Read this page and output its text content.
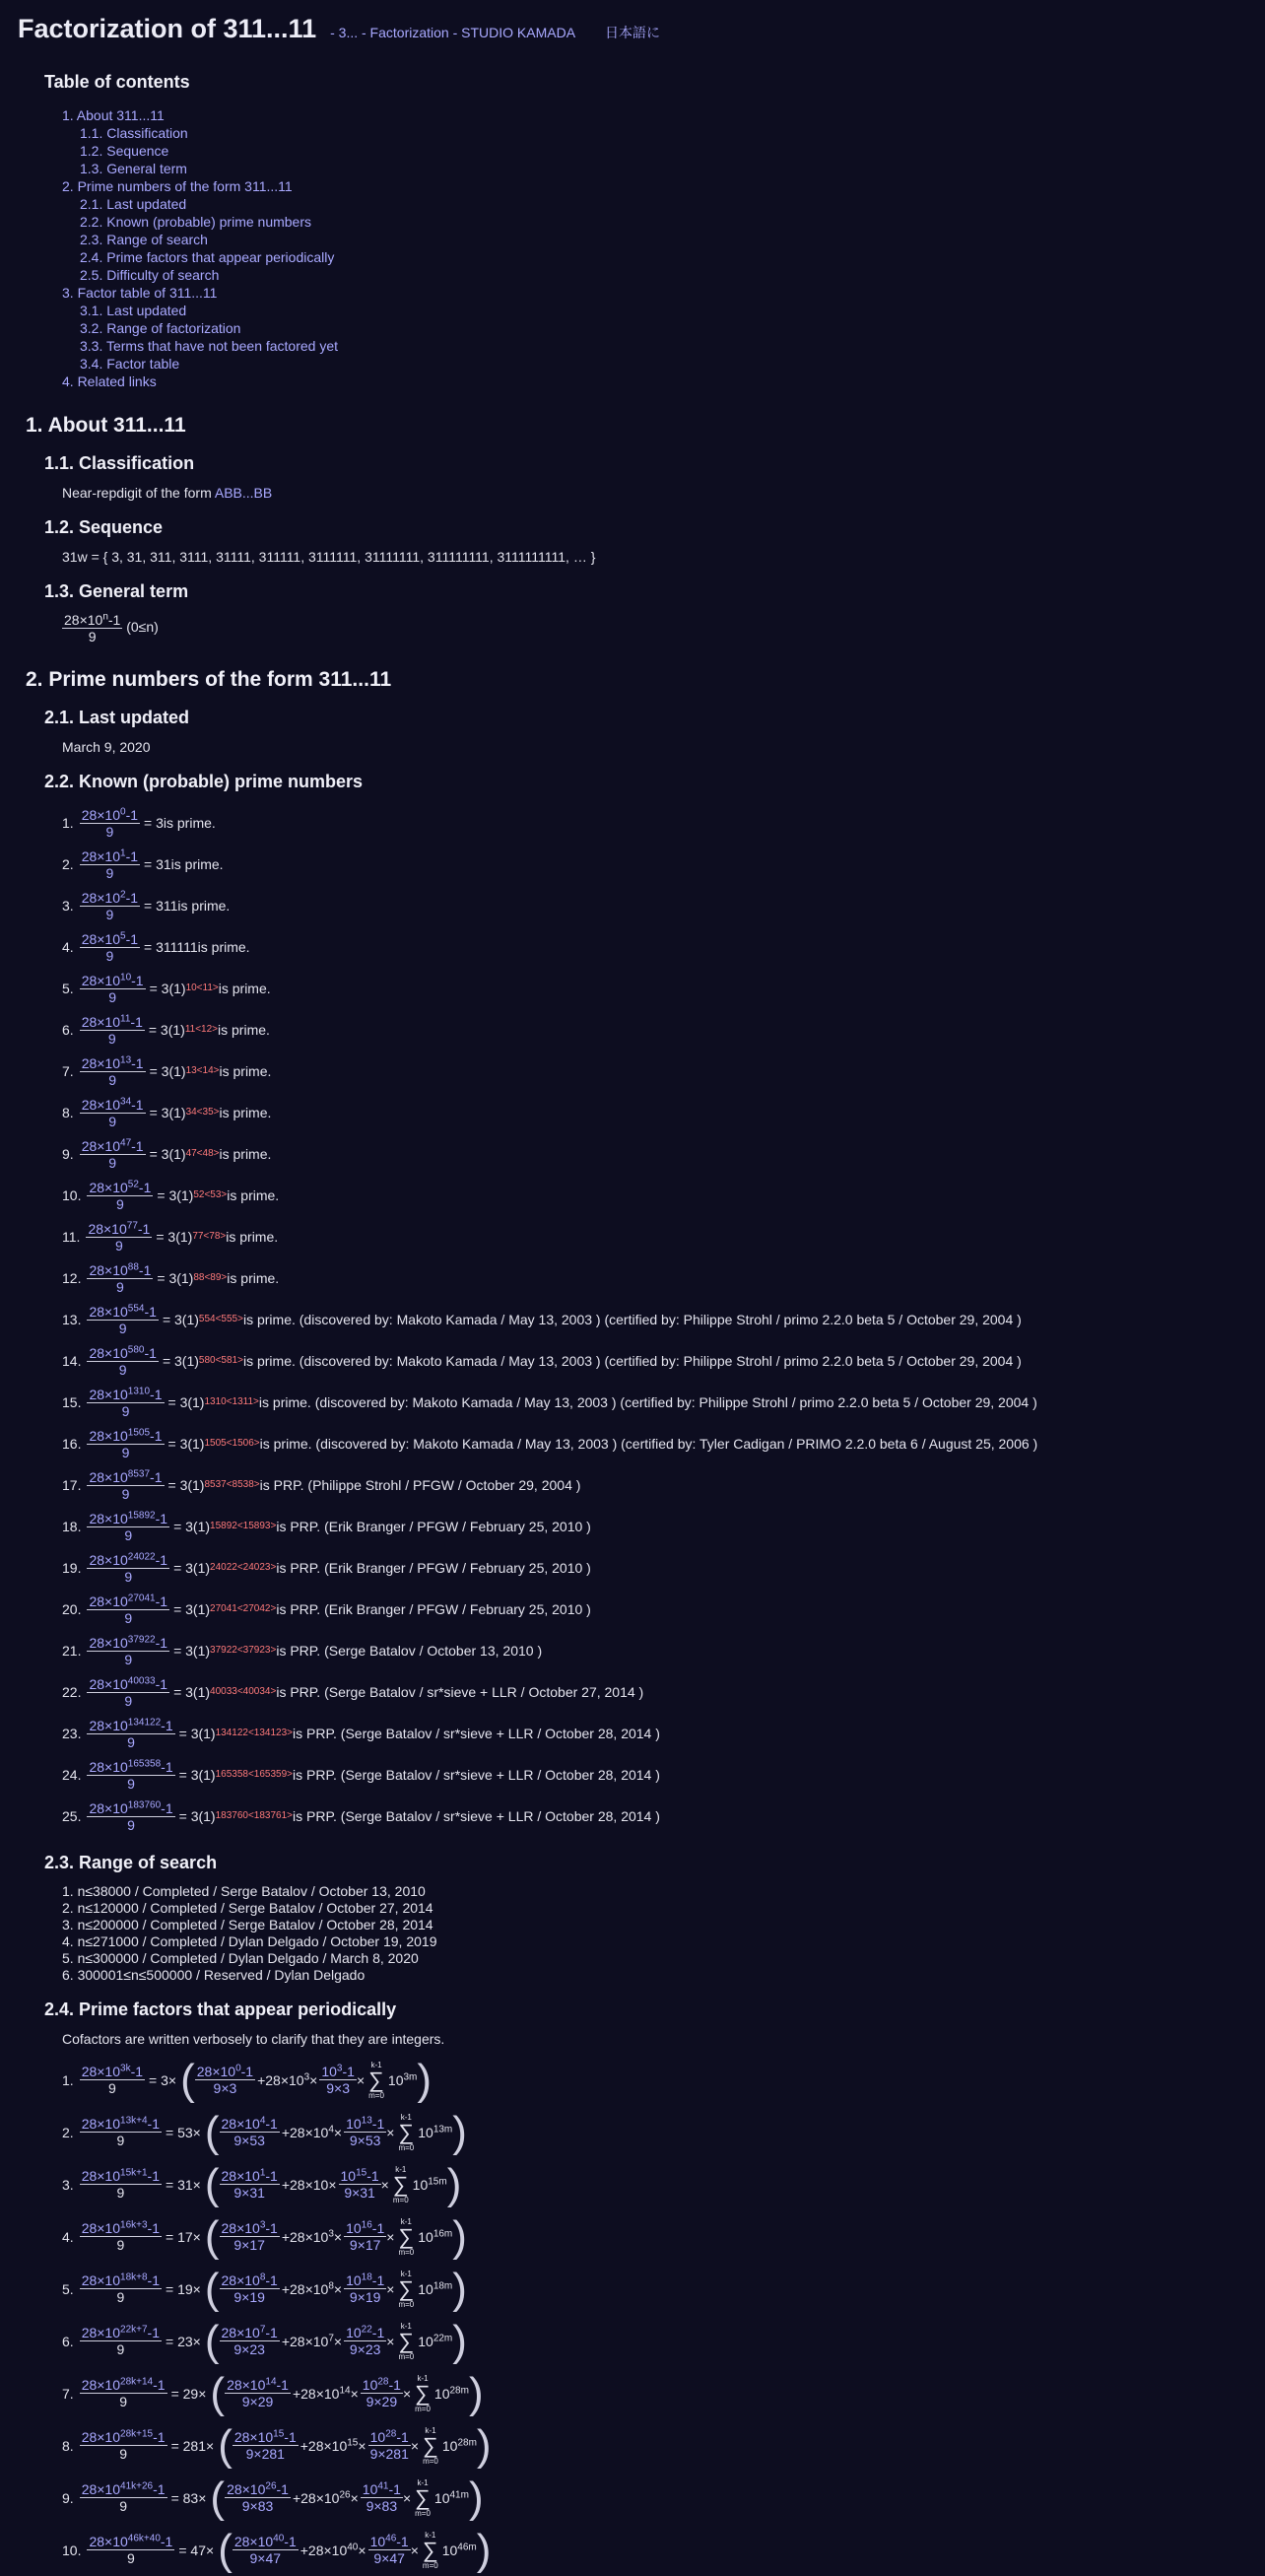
Factorization of 311...11 - 3... - Factorization - STUDIO KAMADA 日本語に
Table of contents
1. About 311...11
1.1. Classification
1.2. Sequence
1.3. General term
2. Prime numbers of the form 311...11
2.1. Last updated
2.2. Known (probable) prime numbers
2.3. Range of search
2.4. Prime factors that appear periodically
2.5. Difficulty of search
3. Factor table of 311...11
3.1. Last updated
3.2. Range of factorization
3.3. Terms that have not been factored yet
3.4. Factor table
4. Related links
1. About 311...11
1.1. Classification
Near-repdigit of the form ABB...BB
1.2. Sequence
31w = { 3, 31, 311, 3111, 31111, 311111, 3111111, 31111111, 311111111, 3111111111, … }
1.3. General term
$\frac{28\times 10^n-1}{9} (0\le n)$
2. Prime numbers of the form 311...11
2.1. Last updated
March 9, 2020
2.2. Known (probable) prime numbers
1. $\frac{28\times 10^0-1}{9} = 3$ is prime.
2. $\frac{28\times 10^1-1}{9} = 31$ is prime.
3. $\frac{28\times 10^2-1}{9} = 311$ is prime.
4. $\frac{28\times 10^5-1}{9} = 311111$ is prime.
5. $\frac{28\times 10^{10}-1}{9} = 3(1)$ 10<11> is prime.
6. $\frac{28\times 10^{11}-1}{9} = 3(1)$ 11<12> is prime.
7. $\frac{28\times 10^{13}-1}{9} = 3(1)$ 13<14> is prime.
8. $\frac{28\times 10^{34}-1}{9} = 3(1)$ 34<35> is prime.
9. $\frac{28\times 10^{47}-1}{9} = 3(1)$ 47<48> is prime.
10. $\frac{28\times 10^{52}-1}{9} = 3(1)$ 52<53> is prime.
11. $\frac{28\times 10^{77}-1}{9} = 3(1)$ 77<78> is prime.
12. $\frac{28\times 10^{88}-1}{9} = 3(1)$ 88<89> is prime.
13. $\frac{28\times 10^{554}-1}{9} = 3(1)$ 554<555> is prime. (discovered by: Makoto Kamada / May 13, 2003 ) (certified by: Philippe Strohl / primo 2.2.0 beta 5 / October 29, 2004 )
14. $\frac{28\times 10^{580}-1}{9} = 3(1)$ 580<581> is prime. (discovered by: Makoto Kamada / May 13, 2003 ) (certified by: Philippe Strohl / primo 2.2.0 beta 5 / October 29, 2004 )
15. $\frac{28\times 10^{1310}-1}{9} = 3(1)$ 1310<1311> is prime. (discovered by: Makoto Kamada / May 13, 2003 ) (certified by: Philippe Strohl / primo 2.2.0 beta 5 / October 29, 2004 )
16. $\frac{28\times 10^{1505}-1}{9} = 3(1)$ 1505<1506> is prime. (discovered by: Makoto Kamada / May 13, 2003 ) (certified by: Tyler Cadigan / PRIMO 2.2.0 beta 6 / August 25, 2006 )
17. $\frac{28\times 10^{8537}-1}{9} = 3(1)$ 8537<8538> is PRP. (Philippe Strohl / PFGW / October 29, 2004 )
18. $\frac{28\times 10^{15892}-1}{9} = 3(1)$ 15892<15893> is PRP. (Erik Branger / PFGW / February 25, 2010 )
19. $\frac{28\times 10^{24022}-1}{9} = 3(1)$ 24022<24023> is PRP. (Erik Branger / PFGW / February 25, 2010 )
20. $\frac{28\times 10^{27041}-1}{9} = 3(1)$ 27041<27042> is PRP. (Erik Branger / PFGW / February 25, 2010 )
21. $\frac{28\times 10^{37922}-1}{9} = 3(1)$ 37922<37923> is PRP. (Serge Batalov / October 13, 2010 )
22. $\frac{28\times 10^{40033}-1}{9} = 3(1)$ 40033<40034> is PRP. (Serge Batalov / sr*sieve + LLR / October 27, 2014 )
23. $\frac{28\times 10^{134122}-1}{9} = 3(1)$ 134122<134123> is PRP. (Serge Batalov / sr*sieve + LLR / October 28, 2014 )
24. $\frac{28\times 10^{165358}-1}{9} = 3(1)$ 165358<165359> is PRP. (Serge Batalov / sr*sieve + LLR / October 28, 2014 )
25. $\frac{28\times 10^{183760}-1}{9} = 3(1)$ 183760<183761> is PRP. (Serge Batalov / sr*sieve + LLR / October 28, 2014 )
2.3. Range of search
1. n≤38000 / Completed / Serge Batalov / October 13, 2010
2. n≤120000 / Completed / Serge Batalov / October 27, 2014
3. n≤200000 / Completed / Serge Batalov / October 28, 2014
4. n≤271000 / Completed / Dylan Delgado / October 19, 2019
5. n≤300000 / Completed / Dylan Delgado / March 8, 2020
6. 300001≤n≤500000 / Reserved / Dylan Delgado
2.4. Prime factors that appear periodically
Cofactors are written verbosely to clarify that they are integers.
1. $\frac{28\times 10^{3k}-1}{9} = 3\times$ ( $\frac{28\times 10^0-1}{9\times 3} +28\times 10^3\times \frac{10^3-1}{9\times 3}$ ×
k-1
∑
m=0
$10^{3m}$ )
2. $\frac{28\times 10^{13k+4}-1}{9} = 53\times$ ( $\frac{28\times 10^4-1}{9\times 53} +28\times 10^4\times \frac{10^{13}-1}{9\times 53}$ ×
k-1
∑
m=0
$10^{13m}$ )
3. $\frac{28\times 10^{15k+1}-1}{9} = 31\times$ ( $\frac{28\times 10^1-1}{9\times 31} +28\times 10\times \frac{10^{15}-1}{9\times 31}$ ×
k-1
∑
m=0
$10^{15m}$ )
4. $\frac{28\times 10^{16k+3}-1}{9} = 17\times$ ( $\frac{28\times 10^3-1}{9\times 17} +28\times 10^3\times \frac{10^{16}-1}{9\times 17}$ ×
k-1
∑
m=0
$10^{16m}$ )
5. $\frac{28\times 10^{18k+8}-1}{9} = 19\times$ ( $\frac{28\times 10^8-1}{9\times 19} +28\times 10^8\times \frac{10^{18}-1}{9\times 19}$ ×
k-1
∑
m=0
$10^{18m}$ )
6. $\frac{28\times 10^{22k+7}-1}{9} = 23\times$ ( $\frac{28\times 10^7-1}{9\times 23} +28\times 10^7\times \frac{10^{22}-1}{9\times 23}$ ×
k-1
∑
m=0
$10^{22m}$ )
7. $\frac{28\times 10^{28k+14}-1}{9} = 29\times$ ( $\frac{28\times 10^{14}-1}{9\times 29} +28\times 10^{14}\times \frac{10^{28}-1}{9\times 29}$ ×
k-1
∑
m=0
$10^{28m}$ )
8. $\frac{28\times 10^{28k+15}-1}{9} = 281\times$ ( $\frac{28\times 10^{15}-1}{9\times 281} +28\times 10^{15}\times \frac{10^{28}-1}{9\times 281}$ ×
k-1
∑
m=0
$10^{28m}$ )
9. $\frac{28\times 10^{41k+26}-1}{9} = 83\times$ ( $\frac{28\times 10^{26}-1}{9\times 83} +28\times 10^{26}\times \frac{10^{41}-1}{9\times 83}$ ×
k-1
∑
m=0
$10^{41m}$ )
10. $\frac{28\times 10^{46k+40}-1}{9} = 47\times$ ( $\frac{28\times 10^{40}-1}{9\times 47} +28\times 10^{40}\times \frac{10^{46}-1}{9\times 47}$ ×
k-1
∑
m=0
$10^{46m}$ )
